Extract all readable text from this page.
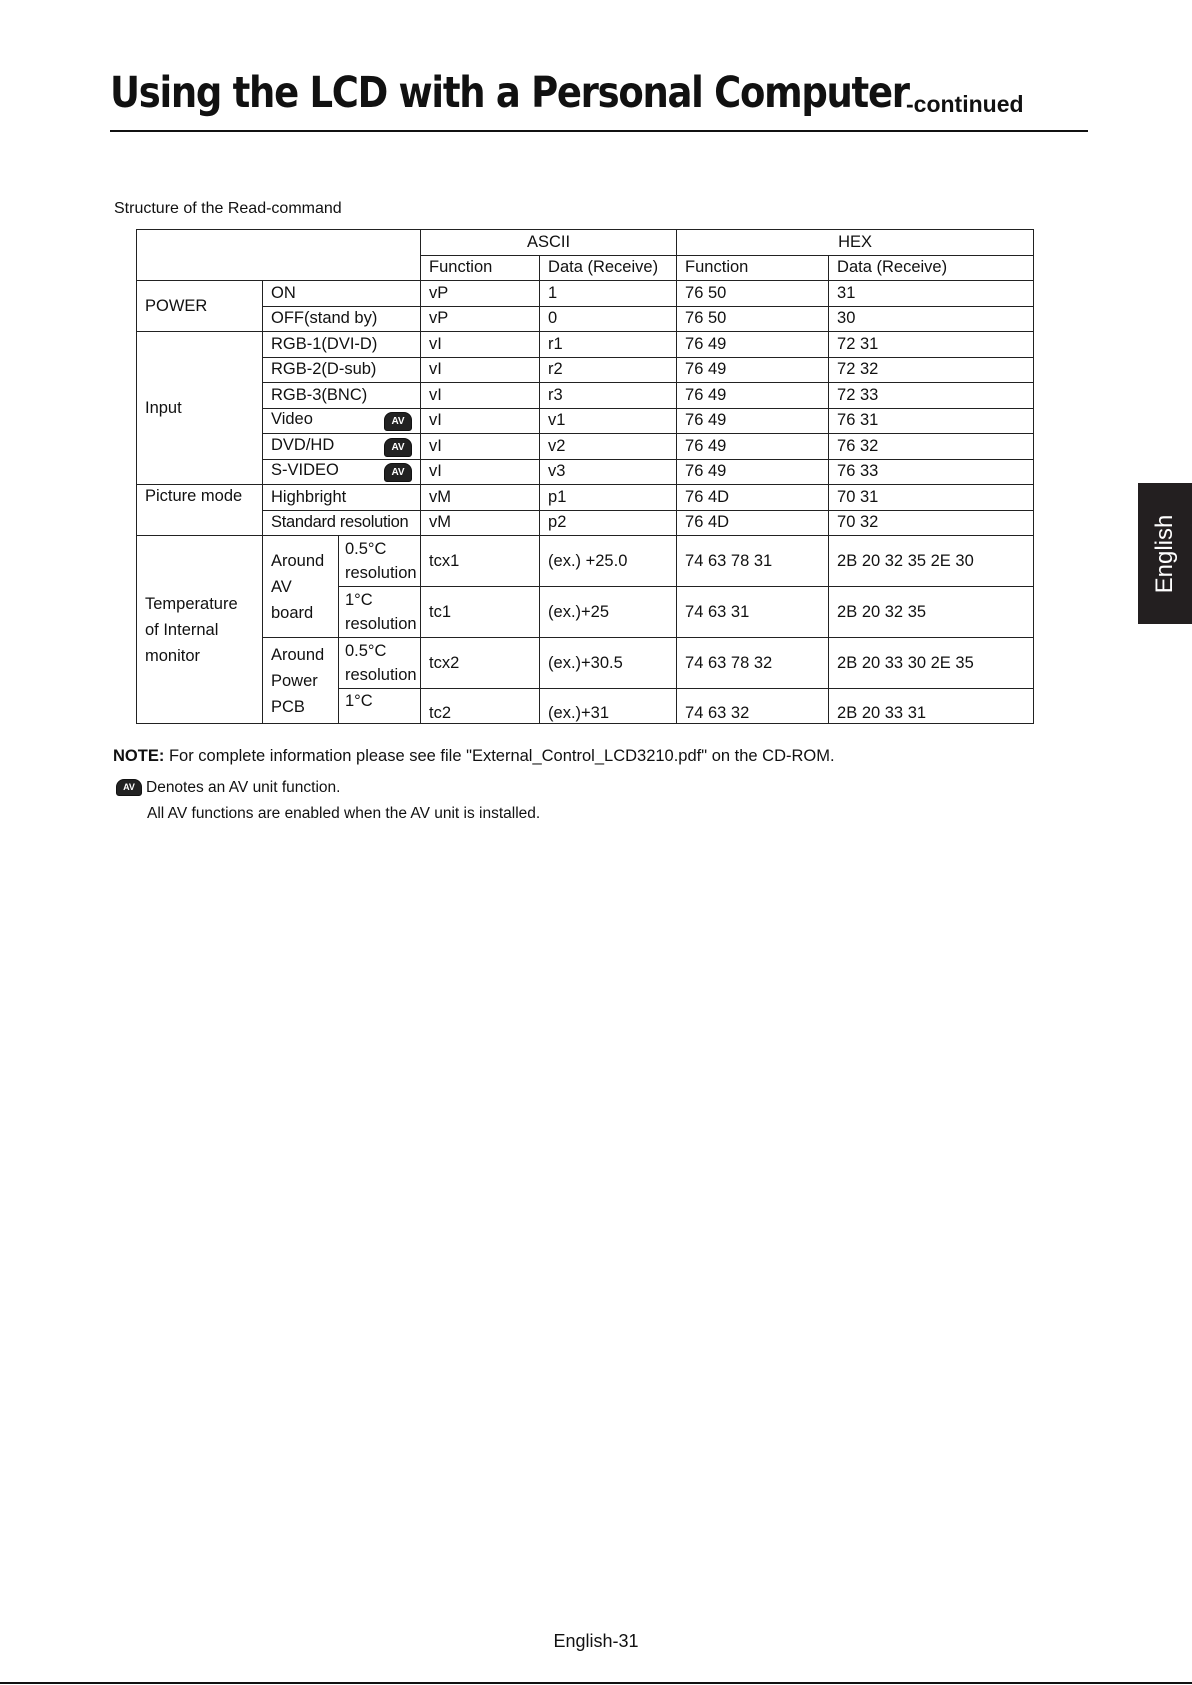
Using the LCD with a Personal Computer
-continued
Structure of the Read-command
			ASCII		HEX	
			Function	Data (Receive)	Function	Data (Receive)
POWER	ON		vP	1	76 50	31
	OFF(stand by)		vP	0	76 50	30
Input	RGB-1(DVI-D)		vI	r1	76 49	72 31
	RGB-2(D-sub)		vI	r2	76 49	72 32
	RGB-3(BNC)		vI	r3	76 49	72 33
	Video AV		vI	v1	76 49	76 31
	DVD/HD AV		vI	v2	76 49	76 32
	S-VIDEO AV		vI	v3	76 49	76 33
Picture mode	Highbright		vM	p1	76 4D	70 31
	Standard resolution		vM	p2	76 4D	70 32
Temperature of Internal monitor	Around AV board	0.5°C resolution	tcx1	(ex.) +25.0	74 63 78 31	2B 20 32 35 2E 30
		1°C resolution	tc1	(ex.)+25	74 63 31	2B 20 32 35
	Around Power PCB	0.5°C resolution	tcx2	(ex.)+30.5	74 63 78 32	2B 20 33 30 2E 35
		1°C	tc2	(ex.)+31	74 63 32	2B 20 33 31
NOTE: For complete information please see file "External_Control_LCD3210.pdf" on the CD-ROM.
AV Denotes an AV unit function.
All AV functions are enabled when the AV unit is installed.
English
English-31
